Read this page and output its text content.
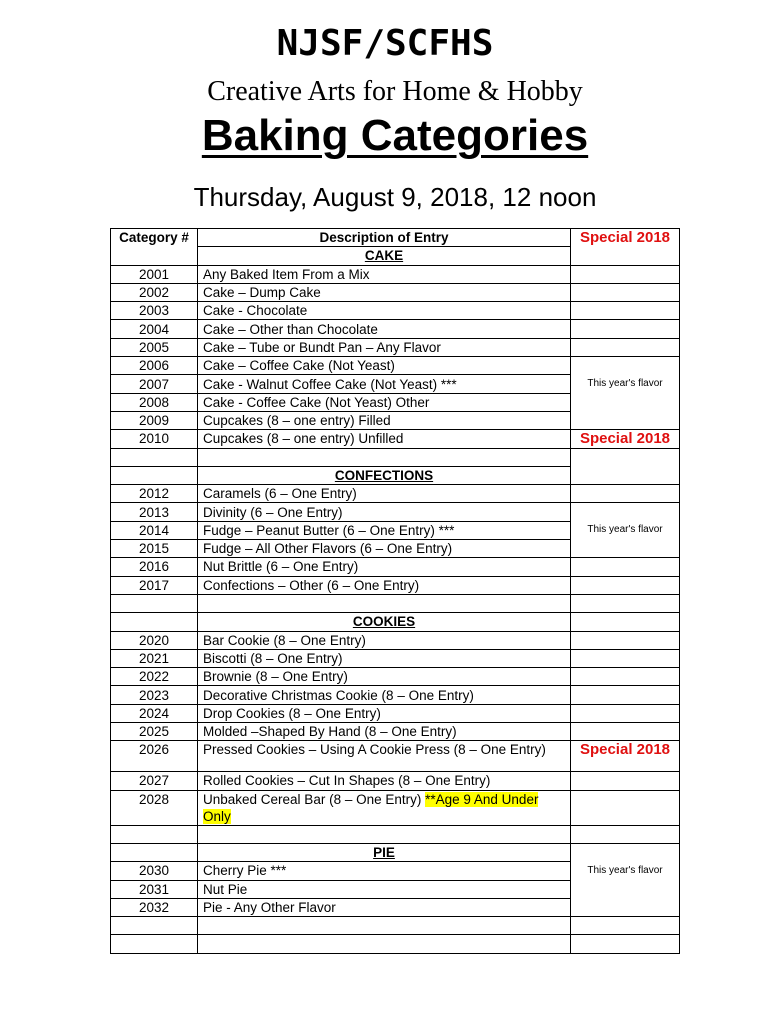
NJSF/SCFHS
Creative Arts for Home & Hobby
Baking Categories
Thursday, August 9, 2018, 12 noon
Category #	Description of Entry	Special 2018
	CAKE	
2001	Any Baked Item From a Mix	
2002	Cake – Dump Cake	
2003	Cake - Chocolate	
2004	Cake – Other than Chocolate	
2005	Cake – Tube or Bundt Pan – Any Flavor	
2006	Cake – Coffee Cake (Not Yeast)	
2007	Cake - Walnut Coffee Cake (Not Yeast) ***	This year's flavor
2008	Cake - Coffee Cake (Not Yeast) Other	
2009	Cupcakes (8 – one entry) Filled	
2010	Cupcakes (8 – one entry) Unfilled	Special 2018

	CONFECTIONS	
2012	Caramels (6 – One Entry)	
2013	Divinity (6 – One Entry)	
2014	Fudge – Peanut Butter (6 – One Entry) ***	This year's flavor
2015	Fudge – All Other Flavors (6 – One Entry)	
2016	Nut Brittle (6 – One Entry)	
2017	Confections – Other (6 – One Entry)	

	COOKIES	
2020	Bar Cookie (8 – One Entry)	
2021	Biscotti (8 – One Entry)	
2022	Brownie (8 – One Entry)	
2023	Decorative Christmas Cookie (8 – One Entry)	
2024	Drop Cookies (8 – One Entry)	
2025	Molded –Shaped By Hand (8 – One Entry)	
2026	Pressed Cookies – Using A Cookie Press (8 – One Entry)	Special 2018
2027	Rolled Cookies – Cut In Shapes (8 – One Entry)	
2028	Unbaked Cereal Bar (8 – One Entry) **Age 9 And Under Only	

	PIE	
2030	Cherry Pie ***	This year's flavor
2031	Nut Pie	
2032	Pie - Any Other Flavor	
